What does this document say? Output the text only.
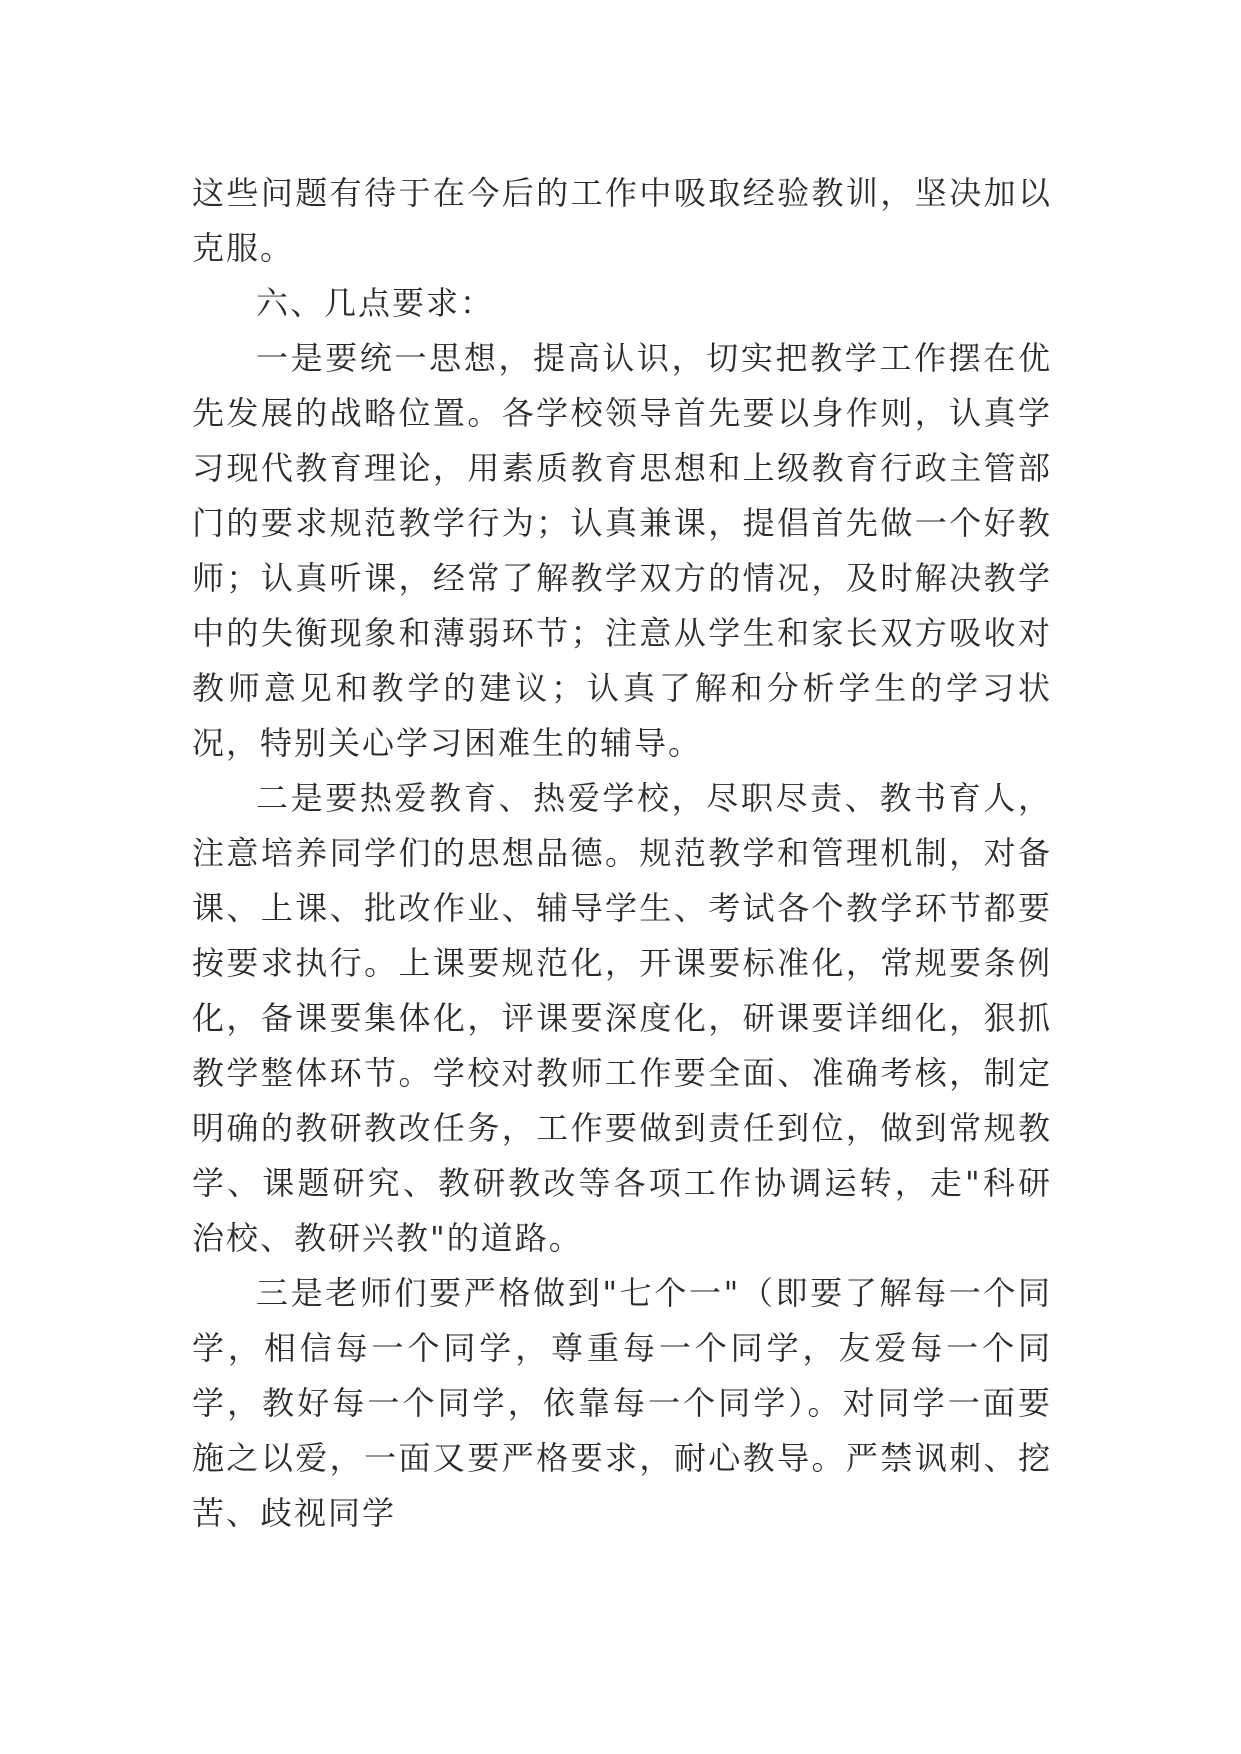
这些问题有待于在今后的工作中吸取经验教训，坚决加以克服。

六、几点要求：

一是要统一思想，提高认识，切实把教学工作摆在优先发展的战略位置。各学校领导首先要以身作则，认真学习现代教育理论，用素质教育思想和上级教育行政主管部门的要求规范教学行为；认真兼课，提倡首先做一个好教师；认真听课，经常了解教学双方的情况，及时解决教学中的失衡现象和薄弱环节；注意从学生和家长双方吸收对教师意见和教学的建议；认真了解和分析学生的学习状况，特别关心学习困难生的辅导。

二是要热爱教育、热爱学校，尽职尽责、教书育人，注意培养同学们的思想品德。规范教学和管理机制，对备课、上课、批改作业、辅导学生、考试各个教学环节都要按要求执行。上课要规范化，开课要标准化，常规要条例化，备课要集体化，评课要深度化，研课要详细化，狠抓教学整体环节。学校对教师工作要全面、准确考核，制定明确的教研教改任务，工作要做到责任到位，做到常规教学、课题研究、教研教改等各项工作协调运转，走"科研治校、教研兴教"的道路。

三是老师们要严格做到"七个一"（即要了解每一个同学，相信每一个同学，尊重每一个同学，友爱每一个同学，教好每一个同学，依靠每一个同学）。对同学一面要施之以爱，一面又要严格要求，耐心教导。严禁讽刺、挖苦、歧视同学
